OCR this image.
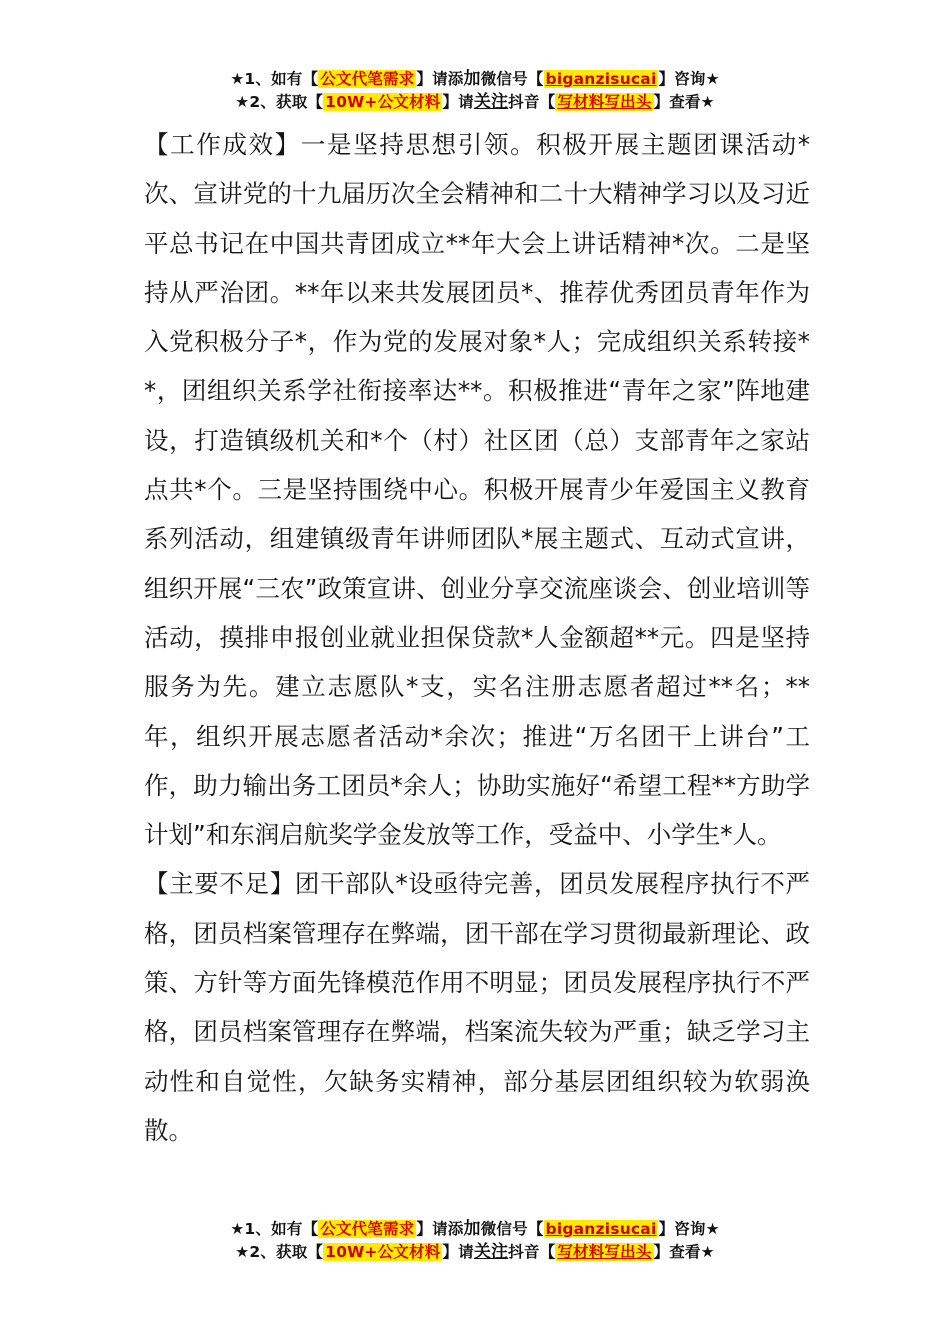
★1、如有【 公文代笔需求 】请添加微信号【 biganzisucai 】咨询★
★2、获取【 10W+公文材料 】请关注抖音【 写材料写出头 】查看★

【工作成效】一是坚持思想引领。积极开展主题团课活动*次、宣讲党的十九届历次全会精神和二十大精神学习以及习近平总书记在中国共青团成立**年大会上讲话精神*次。二是坚持从严治团。**年以来共发展团员*、推荐优秀团员青年作为入党积极分子*，作为党的发展对象*人；完成组织关系转接**，团组织关系学社衔接率达**。积极推进“青年之家”阵地建设，打造镇级机关和*个（村）社区团（总）支部青年之家站点共*个。三是坚持围绕中心。积极开展青少年爱国主义教育系列活动，组建镇级青年讲师团队*展主题式、互动式宣讲，组织开展“三农”政策宣讲、创业分享交流座谈会、创业培训等活动，摸排申报创业就业担保贷款*人金额超**元。四是坚持服务为先。建立志愿队*支，实名注册志愿者超过**名；**年，组织开展志愿者活动*余次；推进“万名团干上讲台”工作，助力输出务工团员*余人；协助实施好“希望工程**方助学计划”和东润启航奖学金发放等工作，受益中、小学生*人。

【主要不足】团干部队*设亟待完善，团员发展程序执行不严格，团员档案管理存在弊端，团干部在学习贯彻最新理论、政策、方针等方面先锋模范作用不明显；团员发展程序执行不严格，团员档案管理存在弊端，档案流失较为严重；缺乏学习主动性和自觉性，欠缺务实精神，部分基层团组织较为软弱涣散。

★1、如有【 公文代笔需求 】请添加微信号【 biganzisucai 】咨询★
★2、获取【 10W+公文材料 】请关注抖音【 写材料写出头 】查看★
